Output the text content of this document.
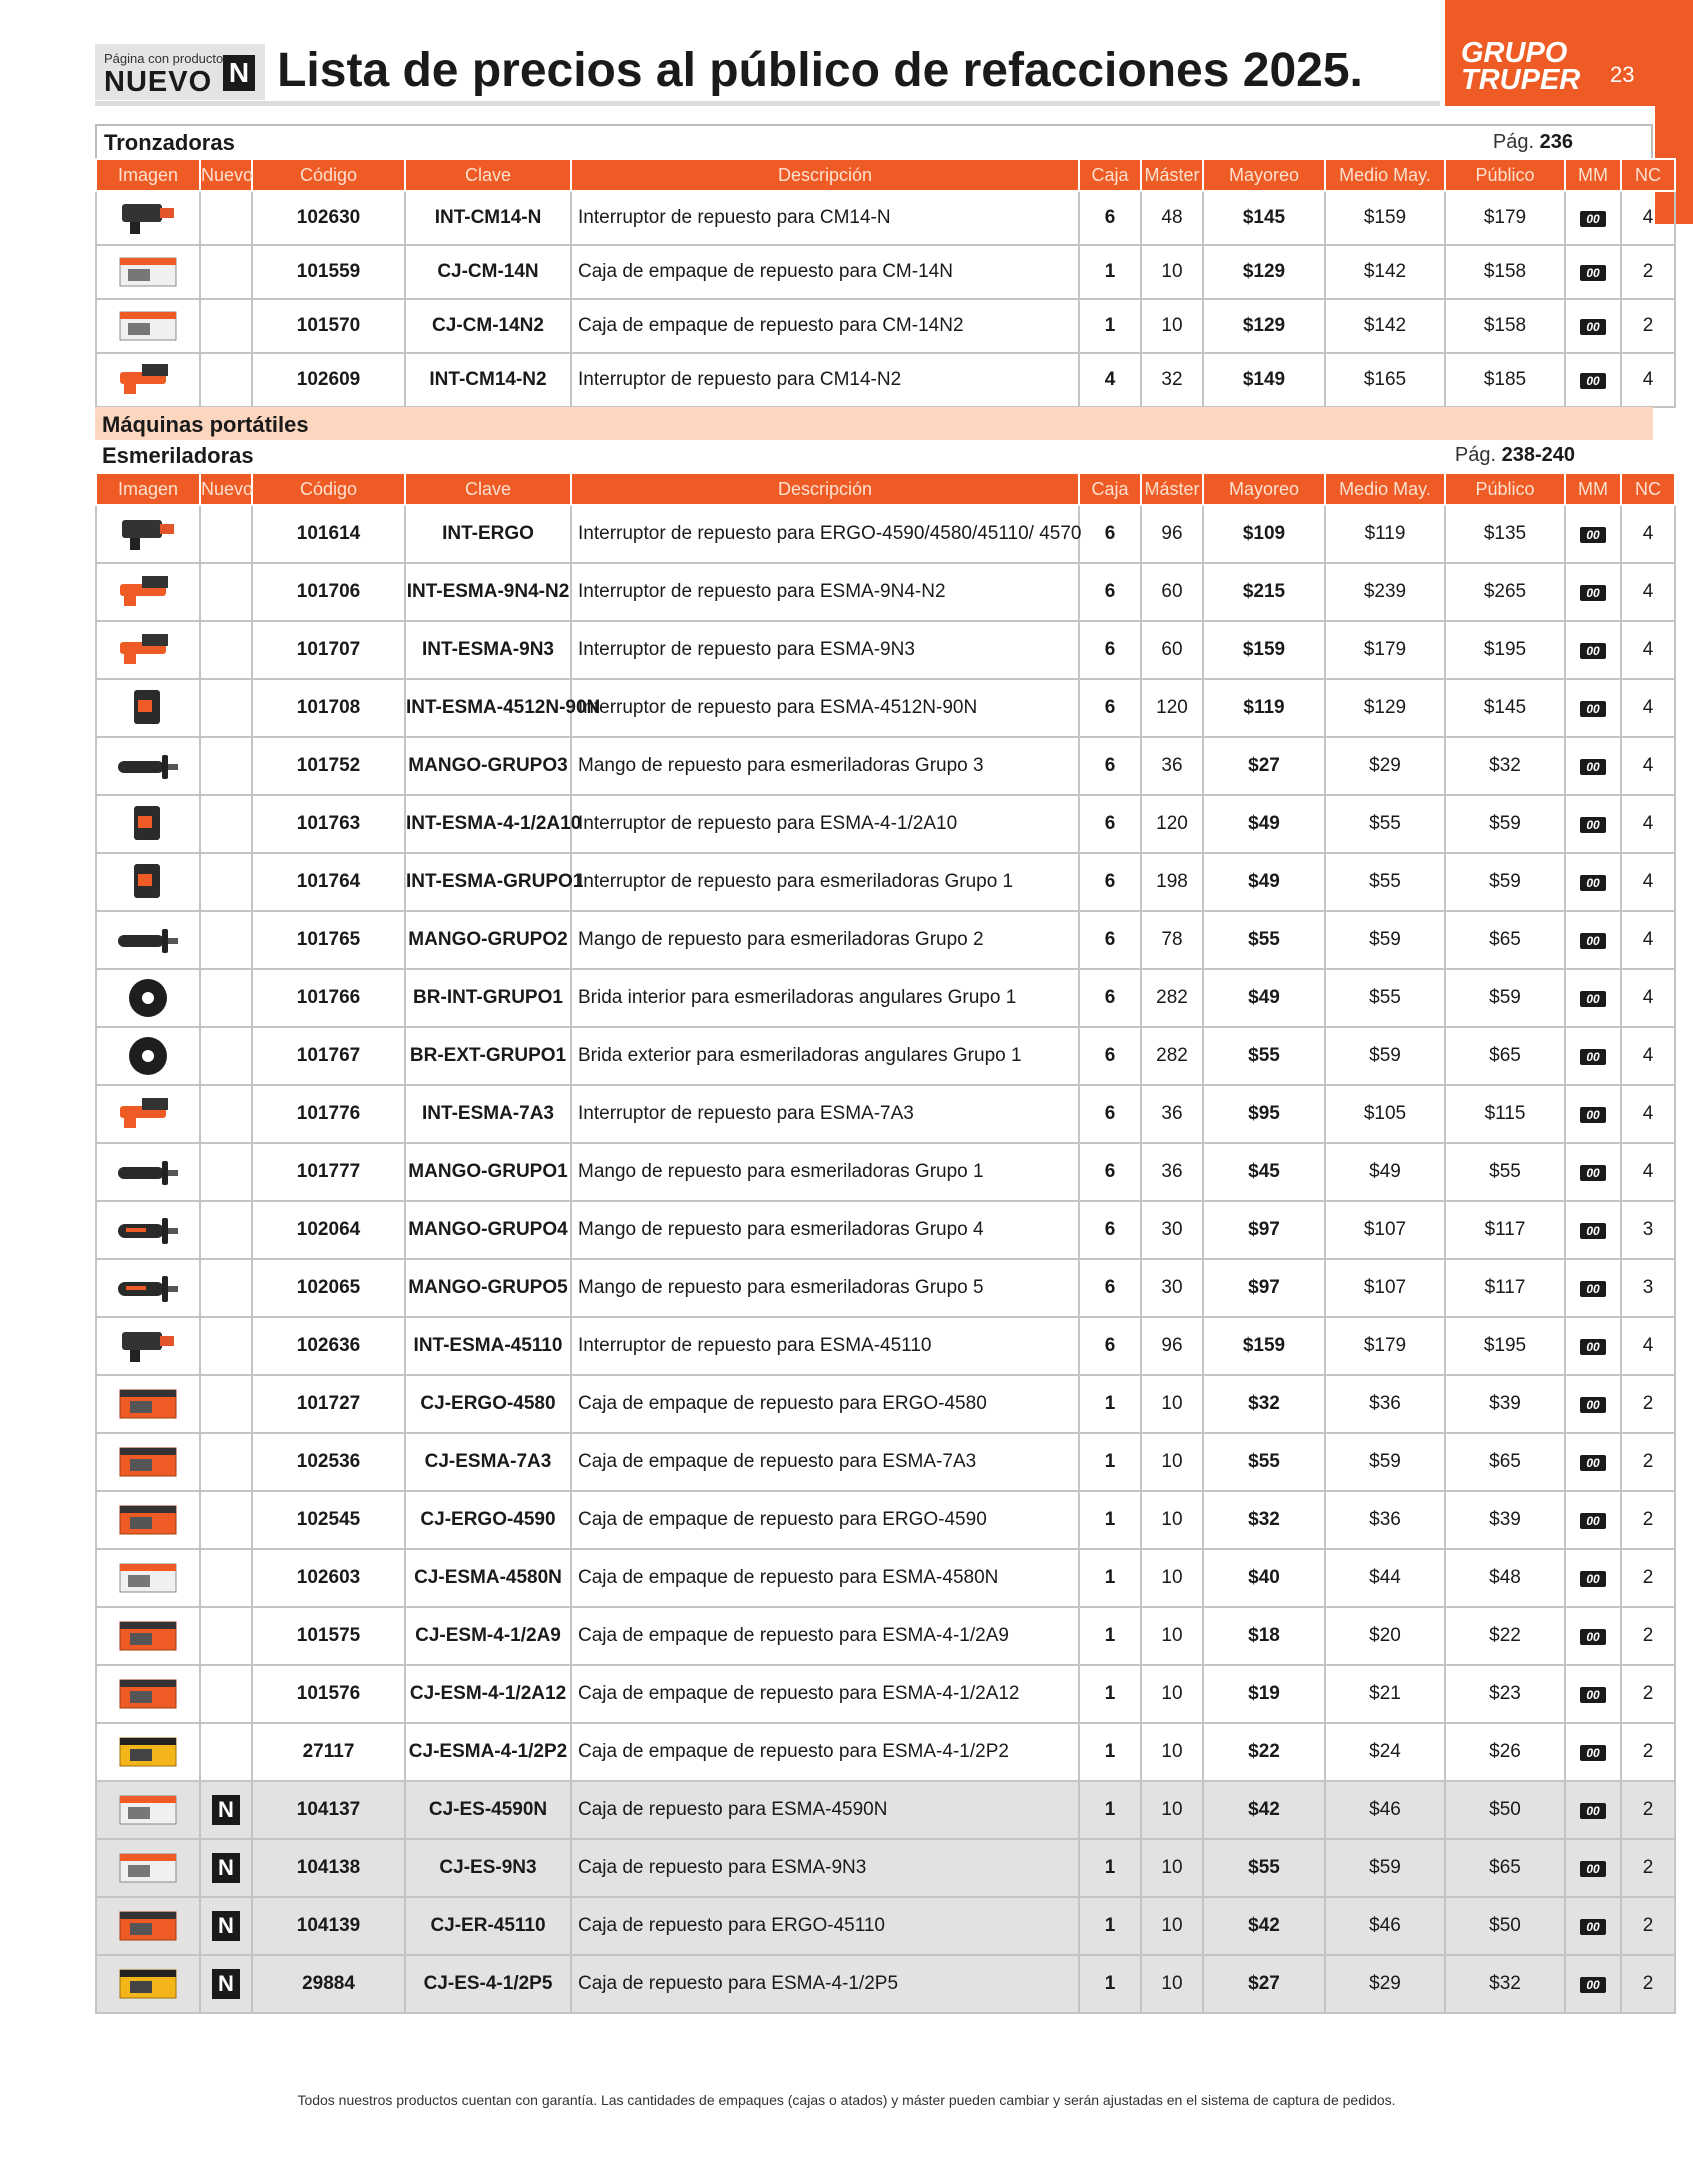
Página con producto
NUEVO N Lista de precios al público de refacciones 2025.	GRUPO
TRUPER 23
Tronzadoras	Pág. 236
Imagen	Nuevo	Código	Clave	Descripción	Caja	Máster	Mayoreo	Medio May.	Público	MM	NC

		102630	INT-CM14-N	Interruptor de repuesto para CM14-N	6	48	$145	$159	$179	00	4

		101559	CJ-CM-14N	Caja de empaque de repuesto para CM-14N	1	10	$129	$142	$158	00	2

		101570	CJ-CM-14N2	Caja de empaque de repuesto para CM-14N2	1	10	$129	$142	$158	00	2

		102609	INT-CM14-N2	Interruptor de repuesto para CM14-N2	4	32	$149	$165	$185	00	4
Máquinas portátiles
Esmeriladoras	Pág. 238-240
Imagen	Nuevo	Código	Clave	Descripción	Caja	Máster	Mayoreo	Medio May.	Público	MM	NC

		101614	INT-ERGO	Interruptor de repuesto para ERGO-4590/4580/45110/ 4570	6	96	$109	$119	$135	00	4

		101706	INT-ESMA-9N4-N2	Interruptor de repuesto para ESMA-9N4-N2	6	60	$215	$239	$265	00	4

		101707	INT-ESMA-9N3	Interruptor de repuesto para ESMA-9N3	6	60	$159	$179	$195	00	4

		101708	INT-ESMA-4512N-90N	Interruptor de repuesto para ESMA-4512N-90N	6	120	$119	$129	$145	00	4

		101752	MANGO-GRUPO3	Mango de repuesto para esmeriladoras Grupo 3	6	36	$27	$29	$32	00	4

		101763	INT-ESMA-4-1/2A10	Interruptor de repuesto para ESMA-4-1/2A10	6	120	$49	$55	$59	00	4

		101764	INT-ESMA-GRUPO1	Interruptor de repuesto para esmeriladoras Grupo 1	6	198	$49	$55	$59	00	4

		101765	MANGO-GRUPO2	Mango de repuesto para esmeriladoras Grupo 2	6	78	$55	$59	$65	00	4

		101766	BR-INT-GRUPO1	Brida interior para esmeriladoras angulares Grupo 1	6	282	$49	$55	$59	00	4

		101767	BR-EXT-GRUPO1	Brida exterior para esmeriladoras angulares Grupo 1	6	282	$55	$59	$65	00	4

		101776	INT-ESMA-7A3	Interruptor de repuesto para ESMA-7A3	6	36	$95	$105	$115	00	4

		101777	MANGO-GRUPO1	Mango de repuesto para esmeriladoras Grupo 1	6	36	$45	$49	$55	00	4

		102064	MANGO-GRUPO4	Mango de repuesto para esmeriladoras Grupo 4	6	30	$97	$107	$117	00	3

		102065	MANGO-GRUPO5	Mango de repuesto para esmeriladoras Grupo 5	6	30	$97	$107	$117	00	3

		102636	INT-ESMA-45110	Interruptor de repuesto para ESMA-45110	6	96	$159	$179	$195	00	4

		101727	CJ-ERGO-4580	Caja de empaque de repuesto para ERGO-4580	1	10	$32	$36	$39	00	2

		102536	CJ-ESMA-7A3	Caja de empaque de repuesto para ESMA-7A3	1	10	$55	$59	$65	00	2

		102545	CJ-ERGO-4590	Caja de empaque de repuesto para ERGO-4590	1	10	$32	$36	$39	00	2

		102603	CJ-ESMA-4580N	Caja de empaque de repuesto para ESMA-4580N	1	10	$40	$44	$48	00	2

		101575	CJ-ESM-4-1/2A9	Caja de empaque de repuesto para ESMA-4-1/2A9	1	10	$18	$20	$22	00	2

		101576	CJ-ESM-4-1/2A12	Caja de empaque de repuesto para ESMA-4-1/2A12	1	10	$19	$21	$23	00	2

		27117	CJ-ESMA-4-1/2P2	Caja de empaque de repuesto para ESMA-4-1/2P2	1	10	$22	$24	$26	00	2

	N	104137	CJ-ES-4590N	Caja de repuesto para ESMA-4590N	1	10	$42	$46	$50	00	2

	N	104138	CJ-ES-9N3	Caja de repuesto para ESMA-9N3	1	10	$55	$59	$65	00	2

	N	104139	CJ-ER-45110	Caja de repuesto para ERGO-45110	1	10	$42	$46	$50	00	2

	N	29884	CJ-ES-4-1/2P5	Caja de repuesto para ESMA-4-1/2P5	1	10	$27	$29	$32	00	2
Todos nuestros productos cuentan con garantía. Las cantidades de empaques (cajas o atados) y máster pueden cambiar y serán ajustadas en el sistema de captura de pedidos.
